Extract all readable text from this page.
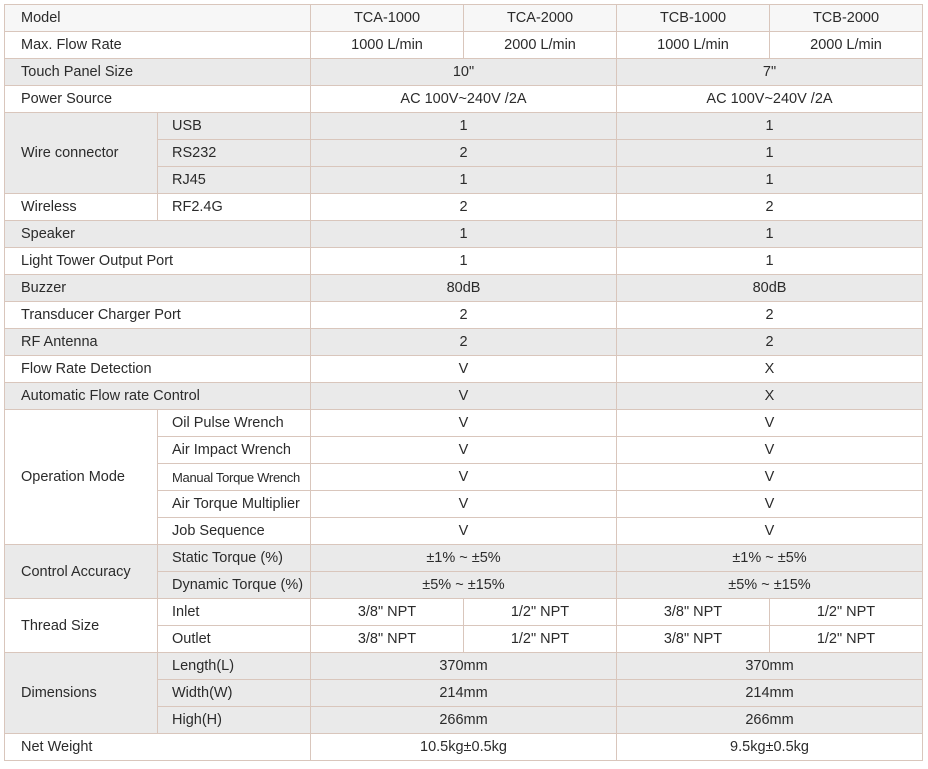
Model		TCA-1000	TCA-2000	TCB-1000	TCB-2000
Max. Flow Rate		1000 L/min	2000 L/min	1000 L/min	2000 L/min
Touch Panel Size		10"		7"	
Power Source		AC 100V~240V /2A		AC 100V~240V /2A	
Wire connector	USB	1		1	
	RS232	2		1	
	RJ45	1		1	
Wireless	RF2.4G	2		2	
Speaker		1		1	
Light Tower Output Port		1		1	
Buzzer		80dB		80dB	
Transducer Charger Port		2		2	
RF Antenna		2		2	
Flow Rate Detection		V		X	
Automatic Flow rate Control		V		X	
Operation Mode	Oil Pulse Wrench	V		V	
	Air Impact Wrench	V		V	
	Manual Torque Wrench	V		V	
	Air Torque Multiplier	V		V	
	Job Sequence	V		V	
Control Accuracy	Static Torque (%)	±1% ~ ±5%		±1% ~ ±5%	
	Dynamic Torque (%)	±5% ~ ±15%		±5% ~ ±15%	
Thread Size	Inlet	3/8" NPT	1/2" NPT	3/8" NPT	1/2" NPT
	Outlet	3/8" NPT	1/2" NPT	3/8" NPT	1/2" NPT
Dimensions	Length(L)	370mm		370mm	
	Width(W)	214mm		214mm	
	High(H)	266mm		266mm	
Net Weight		10.5kg±0.5kg		9.5kg±0.5kg	
